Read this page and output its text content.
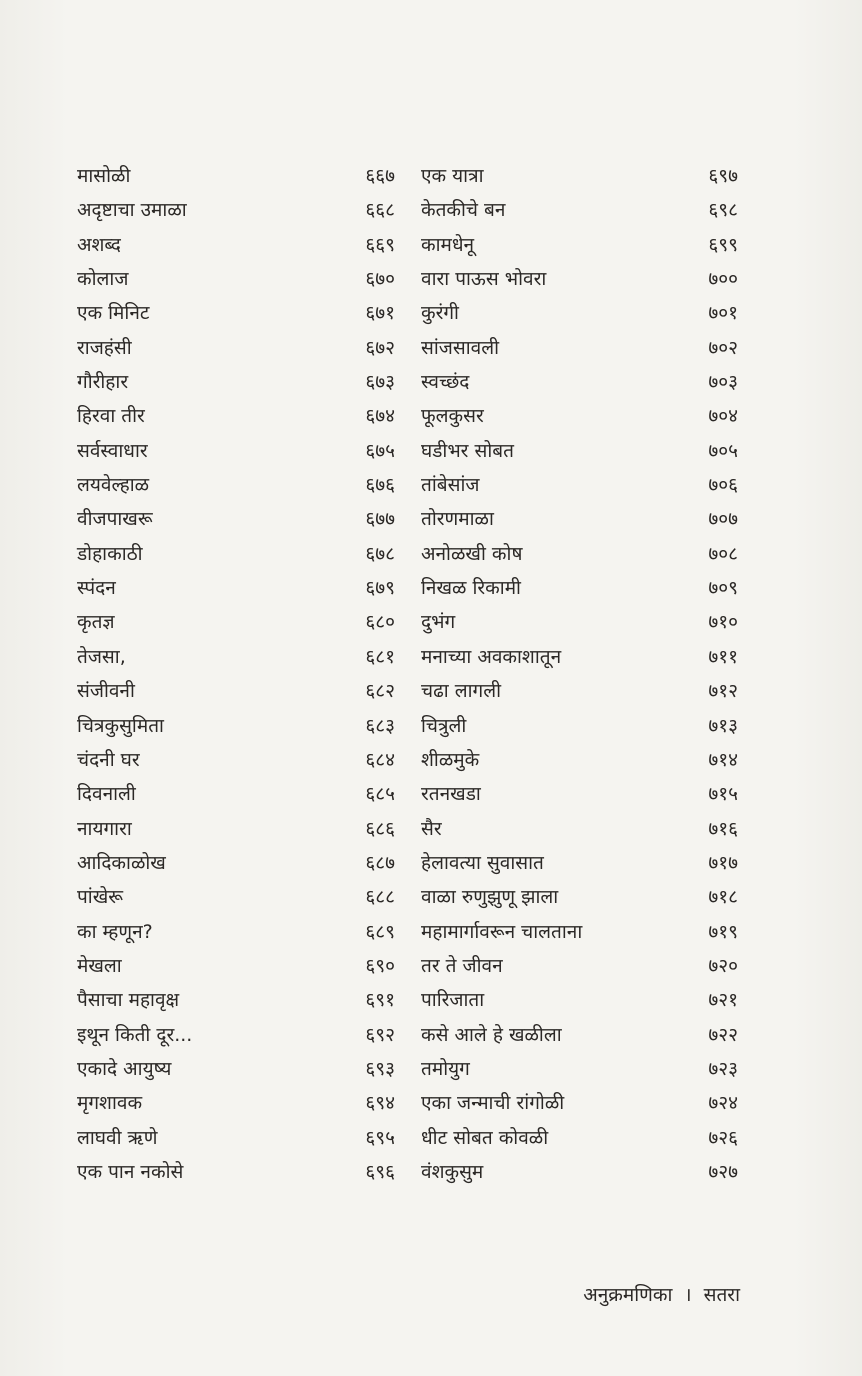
मासोळी	६६७ एक यात्रा	६९७
अदृष्टाचा उमाळा	६६८ केतकीचे बन	६९८
अशब्द	६६९ कामधेनू	६९९
कोलाज	६७० वारा पाऊस भोवरा	७००
एक मिनिट	६७१ कुरंगी	७०१
राजहंसी	६७२ सांजसावली	७०२
गौरीहार	६७३ स्वच्छंद	७०३
हिरवा तीर	६७४ फूलकुसर	७०४
सर्वस्वाधार	६७५ घडीभर सोबत	७०५
लयवेल्हाळ	६७६ तांबेसांज	७०६
वीजपाखरू	६७७ तोरणमाळा	७०७
डोहाकाठी	६७८ अनोळखी कोष	७०८
स्पंदन	६७९ निखळ रिकामी	७०९
कृतज्ञ	६८० दुभंग	७१०
तेजसा,	६८१ मनाच्या अवकाशातून	७११
संजीवनी	६८२ चढा लागली	७१२
चित्रकुसुमिता	६८३ चित्रुली	७१३
चंदनी घर	६८४ शीळमुके	७१४
दिवनाली	६८५ रतनखडा	७१५
नायगारा	६८६ सैर	७१६
आदिकाळोख	६८७ हेलावत्या सुवासात	७१७
पांखेरू	६८८ वाळा रुणुझुणू झाला	७१८
का म्हणून?	६८९ महामार्गावरून चालताना	७१९
मेखला	६९० तर ते जीवन	७२०
पैसाचा महावृक्ष	६९१ पारिजाता	७२१
इथून किती दूर...	६९२ कसे आले हे खळीला	७२२
एकादे आयुष्य	६९३ तमोयुग	७२३
मृगशावक	६९४ एका जन्माची रांगोळी	७२४
लाघवी ऋणे	६९५ धीट सोबत कोवळी	७२६
एक पान नकोसे	६९६ वंशकुसुम	७२७
अनुक्रमणिका । सतरा
